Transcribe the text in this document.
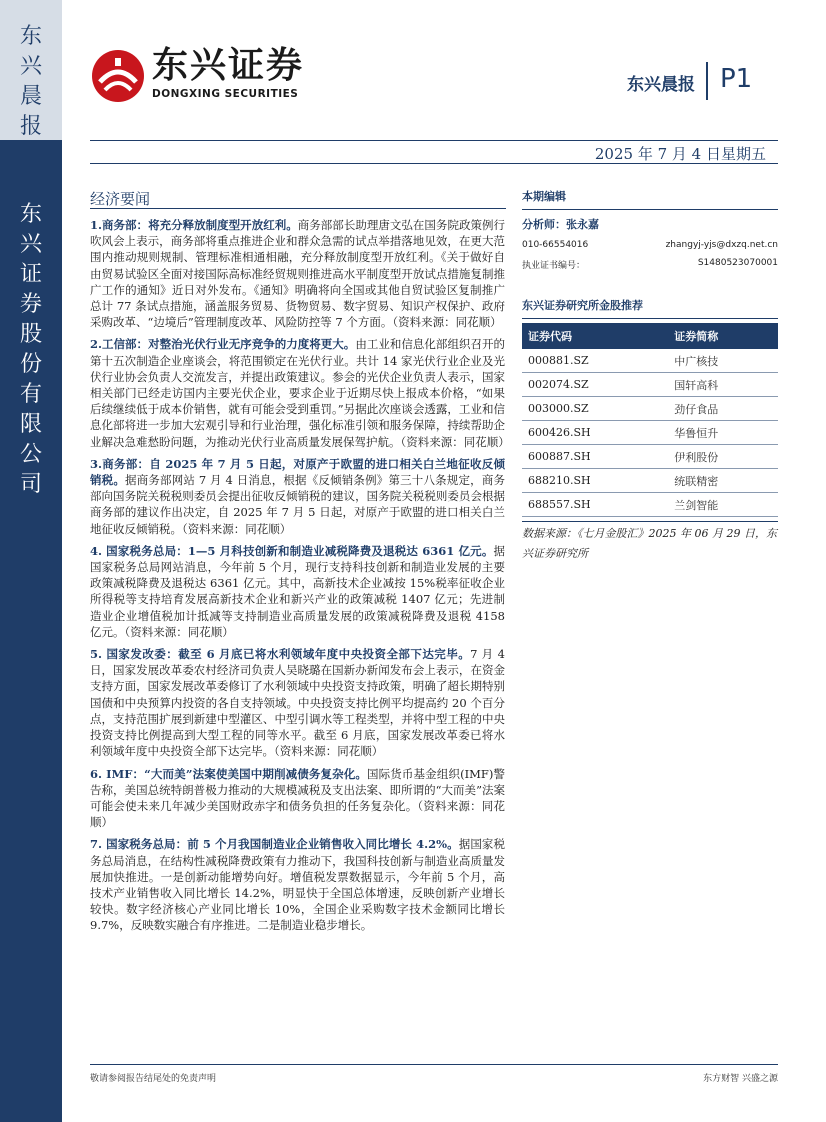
东兴晨报
东兴证券股份有限公司
东兴证券
DONGXING SECURITIES	东兴晨报 P1
2025 年 7 月 4 日星期五
经济要闻

1.商务部：将充分释放制度型开放红利。商务部部长助理唐文弘在国务院政策例行吹风会上表示，商务部将重点推进企业和群众急需的试点举措落地见效，在更大范围内推动规则规制、管理标准相通相融，充分释放制度型开放红利。《关于做好自由贸易试验区全面对接国际高标准经贸规则推进高水平制度型开放试点措施复制推广工作的通知》近日对外发布。《通知》明确将向全国或其他自贸试验区复制推广总计 77 条试点措施，涵盖服务贸易、货物贸易、数字贸易、知识产权保护、政府采购改革、“边境后”管理制度改革、风险防控等 7 个方面。（资料来源：同花顺）

2.工信部：对整治光伏行业无序竞争的力度将更大。由工业和信息化部组织召开的第十五次制造企业座谈会，将范围锁定在光伏行业。共计 14 家光伏行业企业及光伏行业协会负责人交流发言，并提出政策建议。参会的光伏企业负责人表示，国家相关部门已经走访国内主要光伏企业，要求企业于近期尽快上报成本价格，“如果后续继续低于成本价销售，就有可能会受到重罚。”另据此次座谈会透露，工业和信息化部将进一步加大宏观引导和行业治理，强化标准引领和服务保障，持续帮助企业解决急难愁盼问题，为推动光伏行业高质量发展保驾护航。（资料来源：同花顺）

3.商务部：自 2025 年 7 月 5 日起，对原产于欧盟的进口相关白兰地征收反倾销税。据商务部网站 7 月 4 日消息，根据《反倾销条例》第三十八条规定，商务部向国务院关税税则委员会提出征收反倾销税的建议，国务院关税税则委员会根据商务部的建议作出决定，自 2025 年 7 月 5 日起，对原产于欧盟的进口相关白兰地征收反倾销税。（资料来源：同花顺）

4. 国家税务总局：1—5 月科技创新和制造业减税降费及退税达 6361 亿元。据国家税务总局网站消息，今年前 5 个月，现行支持科技创新和制造业发展的主要政策减税降费及退税达 6361 亿元。其中，高新技术企业减按 15%税率征收企业所得税等支持培育发展高新技术企业和新兴产业的政策减税 1407 亿元；先进制造业企业增值税加计抵减等支持制造业高质量发展的政策减税降费及退税 4158 亿元。（资料来源：同花顺）

5. 国家发改委：截至 6 月底已将水利领域年度中央投资全部下达完毕。7 月 4 日，国家发展改革委农村经济司负责人吴晓璐在国新办新闻发布会上表示，在资金支持方面，国家发展改革委修订了水利领域中央投资支持政策，明确了超长期特别国债和中央预算内投资的各自支持领域。中央投资支持比例平均提高约 20 个百分点，支持范围扩展到新建中型灌区、中型引调水等工程类型，并将中型工程的中央投资支持比例提高到大型工程的同等水平。截至 6 月底，国家发展改革委已将水利领域年度中央投资全部下达完毕。（资料来源：同花顺）

6. IMF：“大而美”法案使美国中期削减债务复杂化。国际货币基金组织(IMF)警告称，美国总统特朗普极力推动的大规模减税及支出法案、即所谓的“大而美”法案可能会使未来几年减少美国财政赤字和债务负担的任务复杂化。（资料来源：同花顺）

7. 国家税务总局：前 5 个月我国制造业企业销售收入同比增长 4.2%。据国家税务总局消息，在结构性减税降费政策有力推动下，我国科技创新与制造业高质量发展加快推进。一是创新动能增势向好。增值税发票数据显示，今年前 5 个月，高技术产业销售收入同比增长 14.2%，明显快于全国总体增速，反映创新产业增长较快。数字经济核心产业同比增长 10%，全国企业采购数字技术金额同比增长 9.7%，反映数实融合有序推进。二是制造业稳步增长。

本期编辑
分析师：张永嘉
010-66554016	zhangyj-yjs@dxzq.net.cn
执业证书编号：	S1480523070001
东兴证券研究所金股推荐
证券代码	证券简称
000881.SZ	中广核技
002074.SZ	国轩高科
003000.SZ	劲仔食品
600426.SH	华鲁恒升
600887.SH	伊利股份
688210.SH	统联精密
688557.SH	兰剑智能
数据来源：《七月金股汇》2025 年 06 月 29 日，东兴证券研究所
敬请参阅报告结尾处的免责声明	东方财智 兴盛之源
